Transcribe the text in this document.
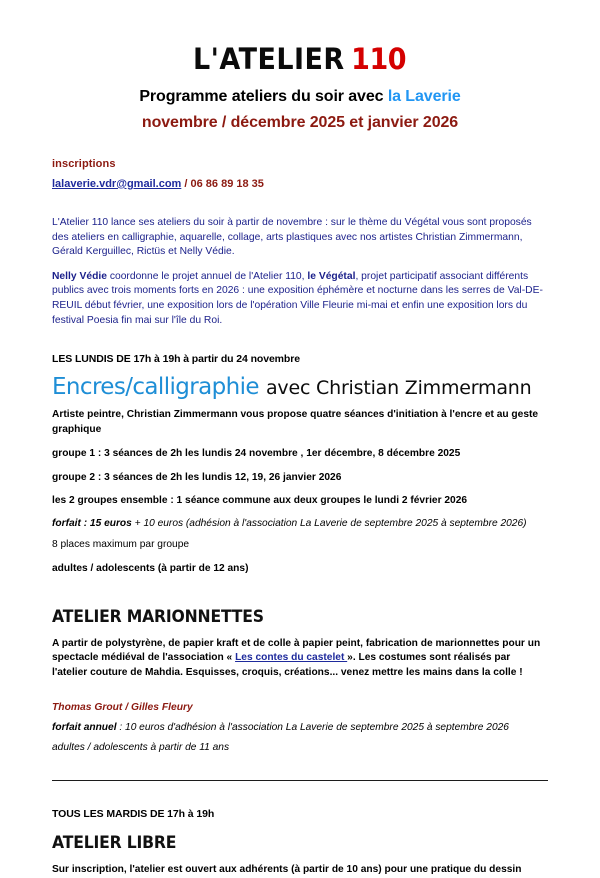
L'ATELIER 110
Programme ateliers du soir avec la Laverie
novembre / décembre 2025 et janvier 2026
inscriptions
lalaverie.vdr@gmail.com / 06 86 89 18 35

L'Atelier 110 lance ses ateliers du soir à partir de novembre : sur le thème du Végétal vous sont proposés des ateliers en calligraphie, aquarelle, collage, arts plastiques avec nos artistes Christian Zimmermann, Gérald Kerguillec, Rictüs et Nelly Védie.

Nelly Védie coordonne le projet annuel de l'Atelier 110, le Végétal, projet participatif associant différents publics avec trois moments forts en 2026 : une exposition éphémère et nocturne dans les serres de Val-DE-REUIL début février, une exposition lors de l'opération Ville Fleurie mi-mai et enfin une exposition lors du festival Poesia fin mai sur l'île du Roi.

LES LUNDIS DE 17h à 19h à partir du 24 novembre
Encres/calligraphie avec Christian Zimmermann
Artiste peintre, Christian Zimmermann vous propose quatre séances d'initiation à l'encre et au geste graphique
groupe 1 : 3 séances de 2h les lundis 24 novembre , 1er décembre, 8 décembre 2025
groupe 2 : 3 séances de 2h les lundis 12, 19, 26 janvier 2026
les 2 groupes ensemble : 1 séance commune aux deux groupes le lundi 2 février 2026
forfait : 15 euros + 10 euros (adhésion à l'association La Laverie de septembre 2025 à septembre 2026)
8 places maximum par groupe
adultes / adolescents (à partir de 12 ans)
ATELIER MARIONNETTES
A partir de polystyrène, de papier kraft et de colle à papier peint, fabrication de marionnettes pour un spectacle médiéval de l'association « Les contes du castelet ». Les costumes sont réalisés par l'atelier couture de Mahdia. Esquisses, croquis, créations... venez mettre les mains dans la colle !
Thomas Grout / Gilles Fleury
forfait annuel : 10 euros d'adhésion à l'association La Laverie de septembre 2025 à septembre 2026
adultes / adolescents à partir de 11 ans
TOUS LES MARDIS DE 17h à 19h
ATELIER LIBRE
Sur inscription, l'atelier est ouvert aux adhérents (à partir de 10 ans) pour une pratique du dessin
